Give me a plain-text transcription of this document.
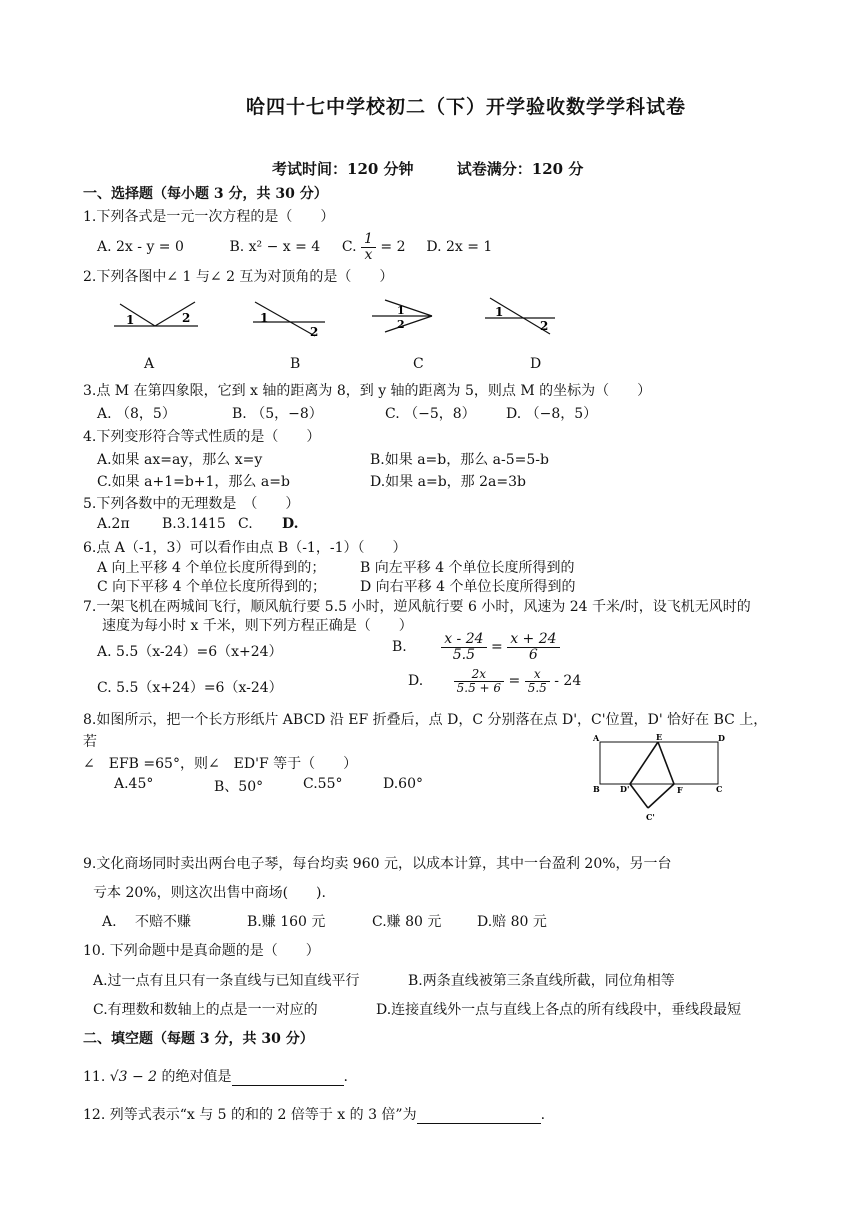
哈四十七中学校初二（下）开学验收数学学科试卷
考试时间：120 分钟	试卷满分：120 分
一、选择题（每小题 3 分，共 30 分）
1.下列各式是一元一次方程的是（　　）
A. 2x - y = 0	B. x² − x = 4 C. $\frac{1}{x} = 2$ D. 2x = 1
2.下列各图中∠ 1 与∠ 2 互为对顶角的是（　　）
1	2	1
2
1
2
1
2
A	B	C	D
3.点 M 在第四象限，它到 x 轴的距离为 8，到 y 轴的距离为 5，则点 M 的坐标为（　　）
A. （8，5）	B. （5，−8）	C. （−5，8） D. （−8，5）
4.下列变形符合等式性质的是（　　）
A.如果 ax=ay，那么 x=y	B.如果 a=b，那么 a-5=5-b
C.如果 a+1=b+1，那么 a=b	D.如果 a=b，那 2a=3b
5.下列各数中的无理数是　（　　）
A.2π B.3.1415 C. D.
6.点 A（-1，3）可以看作由点 B（-1，-1）（　　）
A 向上平移 4 个单位长度所得到的； B 向左平移 4 个单位长度所得到的
C 向下平移 4 个单位长度所得到的； D 向右平移 4 个单位长度所得到的
7.一架飞机在两城间飞行，顺风航行要 5.5 小时，逆风航行要 6 小时，风速为 24 千米/时，设飞机无风时的
速度为每小时 x 千米，则下列方程正确是（　　）
A. 5.5（x-24）=6（x+24）	B. $\frac{x - 24}{5.5} = \frac{x + 24}{6}$
C. 5.5（x+24）=6（x-24）	D.	$\frac{2x}{5.5 + 6} = \frac{x}{5.5} - 24$
8.如图所示，把一个长方形纸片 ABCD 沿 EF 折叠后，点 D，C 分别落在点 D'，C'位置，D' 恰好在 BC 上，
若
∠　EFB =65°，则∠　ED'F 等于（　　）
A.45°	B、50°	C.55°	D.60°
A	E	D
B	D'	F	C
C'
9.文化商场同时卖出两台电子琴，每台均卖 960 元，以成本计算，其中一台盈利 20%，另一台
亏本 20%，则这次出售中商场(　　).
A.　 不赔不赚	B.赚 160 元	C.赚 80 元	D.赔 80 元
10. 下列命题中是真命题的是（　　）
A.过一点有且只有一条直线与已知直线平行	B.两条直线被第三条直线所截，同位角相等
C.有理数和数轴上的点是一一对应的	D.连接直线外一点与直线上各点的所有线段中，垂线段最短
二、填空题（每题 3 分，共 30 分）
11. √3 − 2 的绝对值是	.
12. 列等式表示“x 与 5 的和的 2 倍等于 x 的 3 倍”为	.
